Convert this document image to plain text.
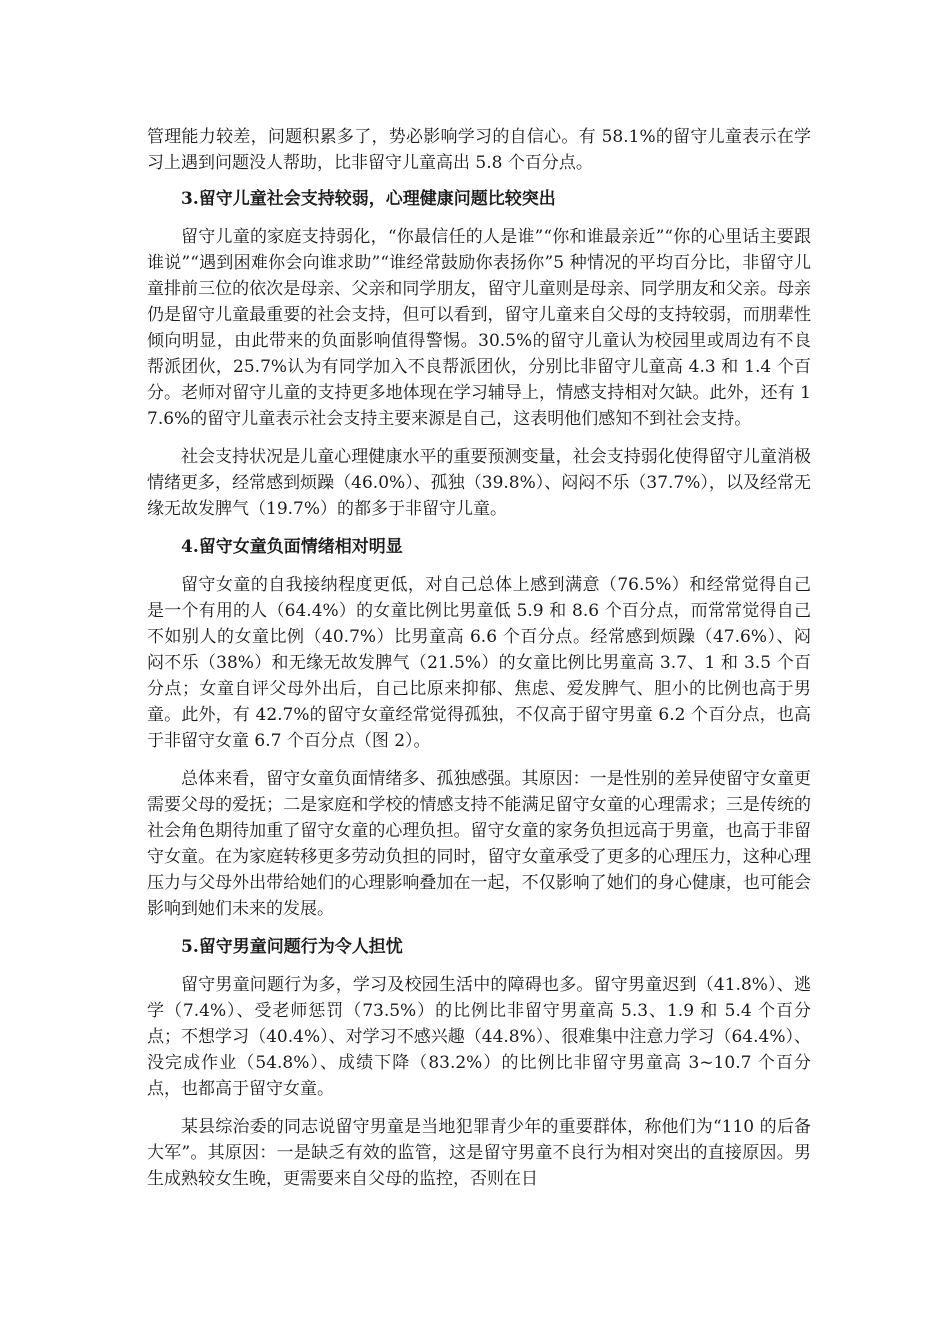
管理能力较差，问题积累多了，势必影响学习的自信心。有 58.1%的留守儿童表示在学习上遇到问题没人帮助，比非留守儿童高出 5.8 个百分点。

3.留守儿童社会支持较弱，心理健康问题比较突出

留守儿童的家庭支持弱化，“你最信任的人是谁”“你和谁最亲近”“你的心里话主要跟谁说”“遇到困难你会向谁求助”“谁经常鼓励你表扬你”5 种情况的平均百分比，非留守儿童排前三位的依次是母亲、父亲和同学朋友，留守儿童则是母亲、同学朋友和父亲。母亲仍是留守儿童最重要的社会支持，但可以看到，留守儿童来自父母的支持较弱，而朋辈性倾向明显，由此带来的负面影响值得警惕。30.5%的留守儿童认为校园里或周边有不良帮派团伙，25.7%认为有同学加入不良帮派团伙，分别比非留守儿童高 4.3 和 1.4 个百分。老师对留守儿童的支持更多地体现在学习辅导上，情感支持相对欠缺。此外，还有 17.6%的留守儿童表示社会支持主要来源是自己，这表明他们感知不到社会支持。

社会支持状况是儿童心理健康水平的重要预测变量，社会支持弱化使得留守儿童消极情绪更多，经常感到烦躁（46.0%）、孤独（39.8%）、闷闷不乐（37.7%），以及经常无缘无故发脾气（19.7%）的都多于非留守儿童。

4.留守女童负面情绪相对明显

留守女童的自我接纳程度更低，对自己总体上感到满意（76.5%）和经常觉得自己是一个有用的人（64.4%）的女童比例比男童低 5.9 和 8.6 个百分点，而常常觉得自己不如别人的女童比例（40.7%）比男童高 6.6 个百分点。经常感到烦躁（47.6%）、闷闷不乐（38%）和无缘无故发脾气（21.5%）的女童比例比男童高 3.7、1 和 3.5 个百分点；女童自评父母外出后，自己比原来抑郁、焦虑、爱发脾气、胆小的比例也高于男童。此外，有 42.7%的留守女童经常觉得孤独，不仅高于留守男童 6.2 个百分点，也高于非留守女童 6.7 个百分点（图 2）。

总体来看，留守女童负面情绪多、孤独感强。其原因：一是性别的差异使留守女童更需要父母的爱抚；二是家庭和学校的情感支持不能满足留守女童的心理需求；三是传统的社会角色期待加重了留守女童的心理负担。留守女童的家务负担远高于男童，也高于非留守女童。在为家庭转移更多劳动负担的同时，留守女童承受了更多的心理压力，这种心理压力与父母外出带给她们的心理影响叠加在一起，不仅影响了她们的身心健康，也可能会影响到她们未来的发展。

5.留守男童问题行为令人担忧

留守男童问题行为多，学习及校园生活中的障碍也多。留守男童迟到（41.8%）、逃学（7.4%）、受老师惩罚（73.5%）的比例比非留守男童高 5.3、1.9 和 5.4 个百分点；不想学习（40.4%）、对学习不感兴趣（44.8%）、很难集中注意力学习（64.4%）、没完成作业（54.8%）、成绩下降（83.2%）的比例比非留守男童高 3~10.7 个百分点，也都高于留守女童。

某县综治委的同志说留守男童是当地犯罪青少年的重要群体，称他们为“110 的后备大军”。其原因：一是缺乏有效的监管，这是留守男童不良行为相对突出的直接原因。男生成熟较女生晚，更需要来自父母的监控，否则在日
